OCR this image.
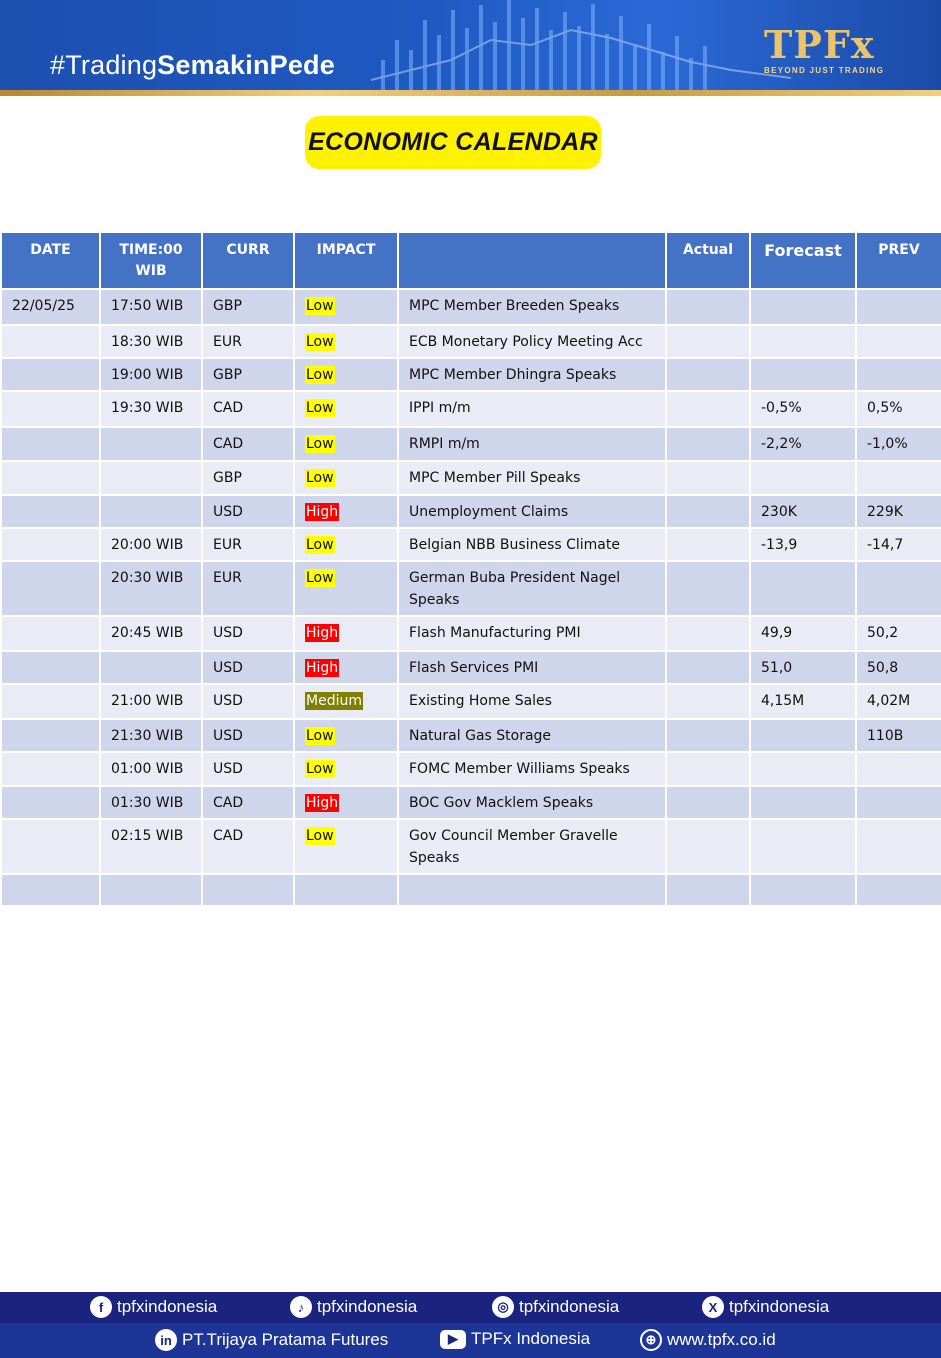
#TradingSemakinPede	TPFx
BEYOND JUST TRADING
ECONOMIC CALENDAR
DATE	TIME:00 WIB	CURR	IMPACT		Actual	Forecast	PREV
22/05/25	17:50 WIB	GBP	Low	MPC Member Breeden Speaks			
	18:30 WIB	EUR	Low	ECB Monetary Policy Meeting Acc			
	19:00 WIB	GBP	Low	MPC Member Dhingra Speaks			
	19:30 WIB	CAD	Low	IPPI m/m		-0,5%	0,5%
		CAD	Low	RMPI m/m		-2,2%	-1,0%
		GBP	Low	MPC Member Pill Speaks			
		USD	High	Unemployment Claims		230K	229K
	20:00 WIB	EUR	Low	Belgian NBB Business Climate		-13,9	-14,7
	20:30 WIB	EUR	Low	German Buba President Nagel Speaks			
	20:45 WIB	USD	High	Flash Manufacturing PMI		49,9	50,2
		USD	High	Flash Services PMI		51,0	50,8
	21:00 WIB	USD	Medium	Existing Home Sales		4,15M	4,02M
	21:30 WIB	USD	Low	Natural Gas Storage			110B
	01:00 WIB	USD	Low	FOMC Member Williams Speaks			
	01:30 WIB	CAD	High	BOC Gov Macklem Speaks			
	02:15 WIB	CAD	Low	Gov Council Member Gravelle Speaks			

f tpfxindonesia	♪ tpfxindonesia	◎ tpfxindonesia	X tpfxindonesia
in PT.Trijaya Pratama Futures	▶ TPFx Indonesia	⊕ www.tpfx.co.id
